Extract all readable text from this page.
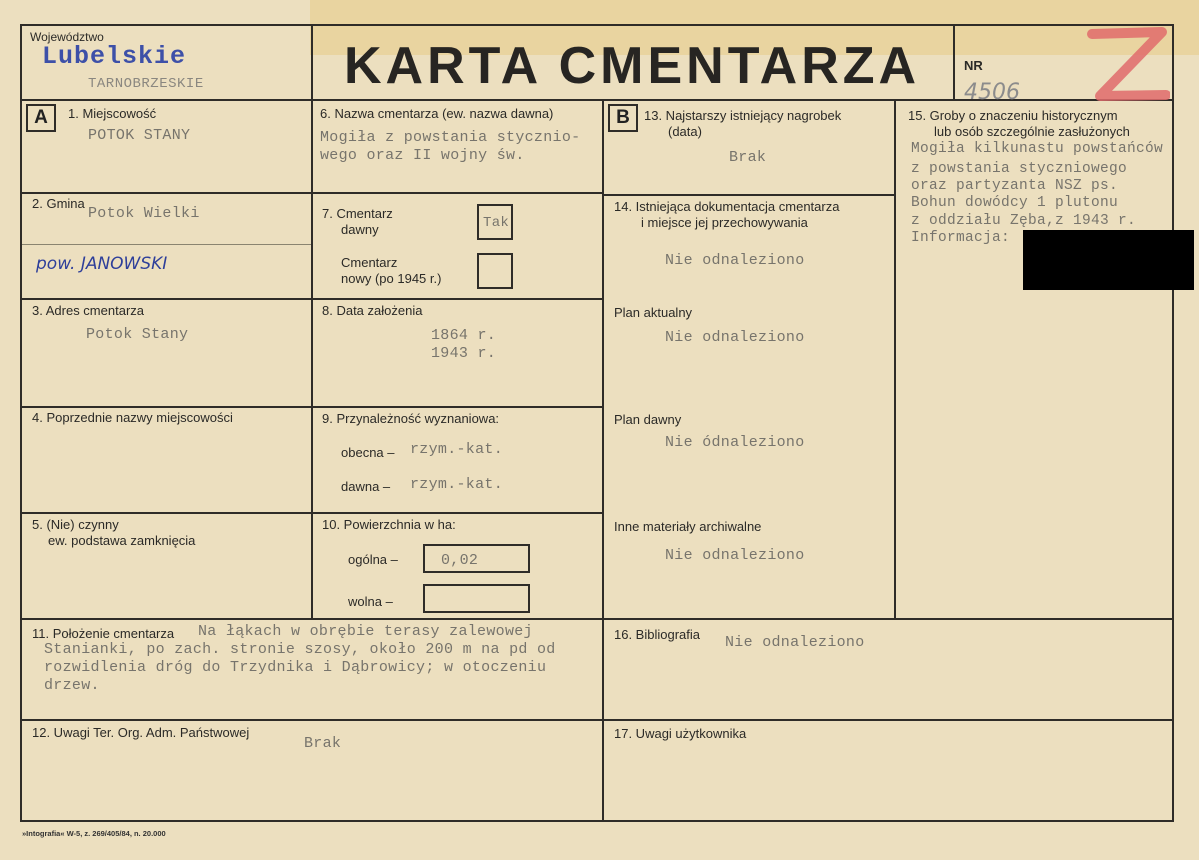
Województwo
Lubelskie
TARNOBRZESKIE	KARTA CMENTARZA	NR
4506
A	B
1. Miejscowość
POTOK STANY
2. Gmina
Potok Wielki
pow. JANOWSKI
3. Adres cmentarza
Potok Stany
4. Poprzednie nazwy miejscowości
5. (Nie) czynny
ew. podstawa zamknięcia
6. Nazwa cmentarza (ew. nazwa dawna)
Mogiła z powstania stycznio-
wego oraz II wojny św.
7. Cmentarz
dawny	Tak
Cmentarz
nowy (po 1945 r.)
8. Data założenia
1864 r.
1943 r.
9. Przynależność wyznaniowa:
obecna – rzym.-kat.
dawna – rzym.-kat.
10. Powierzchnia w ha:
ogólna –	0,02
wolna –
13. Najstarszy istniejący nagrobek
(data)
Brak
14. Istniejąca dokumentacja cmentarza
i miejsce jej przechowywania
Nie odnaleziono
Plan aktualny
Nie odnaleziono
Plan dawny
Nie ódnaleziono
Inne materiały archiwalne
Nie odnaleziono
15. Groby o znaczeniu historycznym
lub osób szczególnie zasłużonych
Mogiła kilkunastu powstańców
z powstania styczniowego
oraz partyzanta NSZ ps.
Bohun dowódcy 1 plutonu
z oddziału Zęba,z 1943 r.
Informacja:
11. Położenie cmentarza Na łąkach w obrębie terasy zalewowej
Stanianki, po zach. stronie szosy, około 200 m na pd od
rozwidlenia dróg do Trzydnika i Dąbrowicy; w otoczeniu
drzew.
16. Bibliografia Nie odnaleziono
12. Uwagi Ter. Org. Adm. Państwowej
Brak
17. Uwagi użytkownika
»Intografia« W-5, z. 269/405/84, n. 20.000
